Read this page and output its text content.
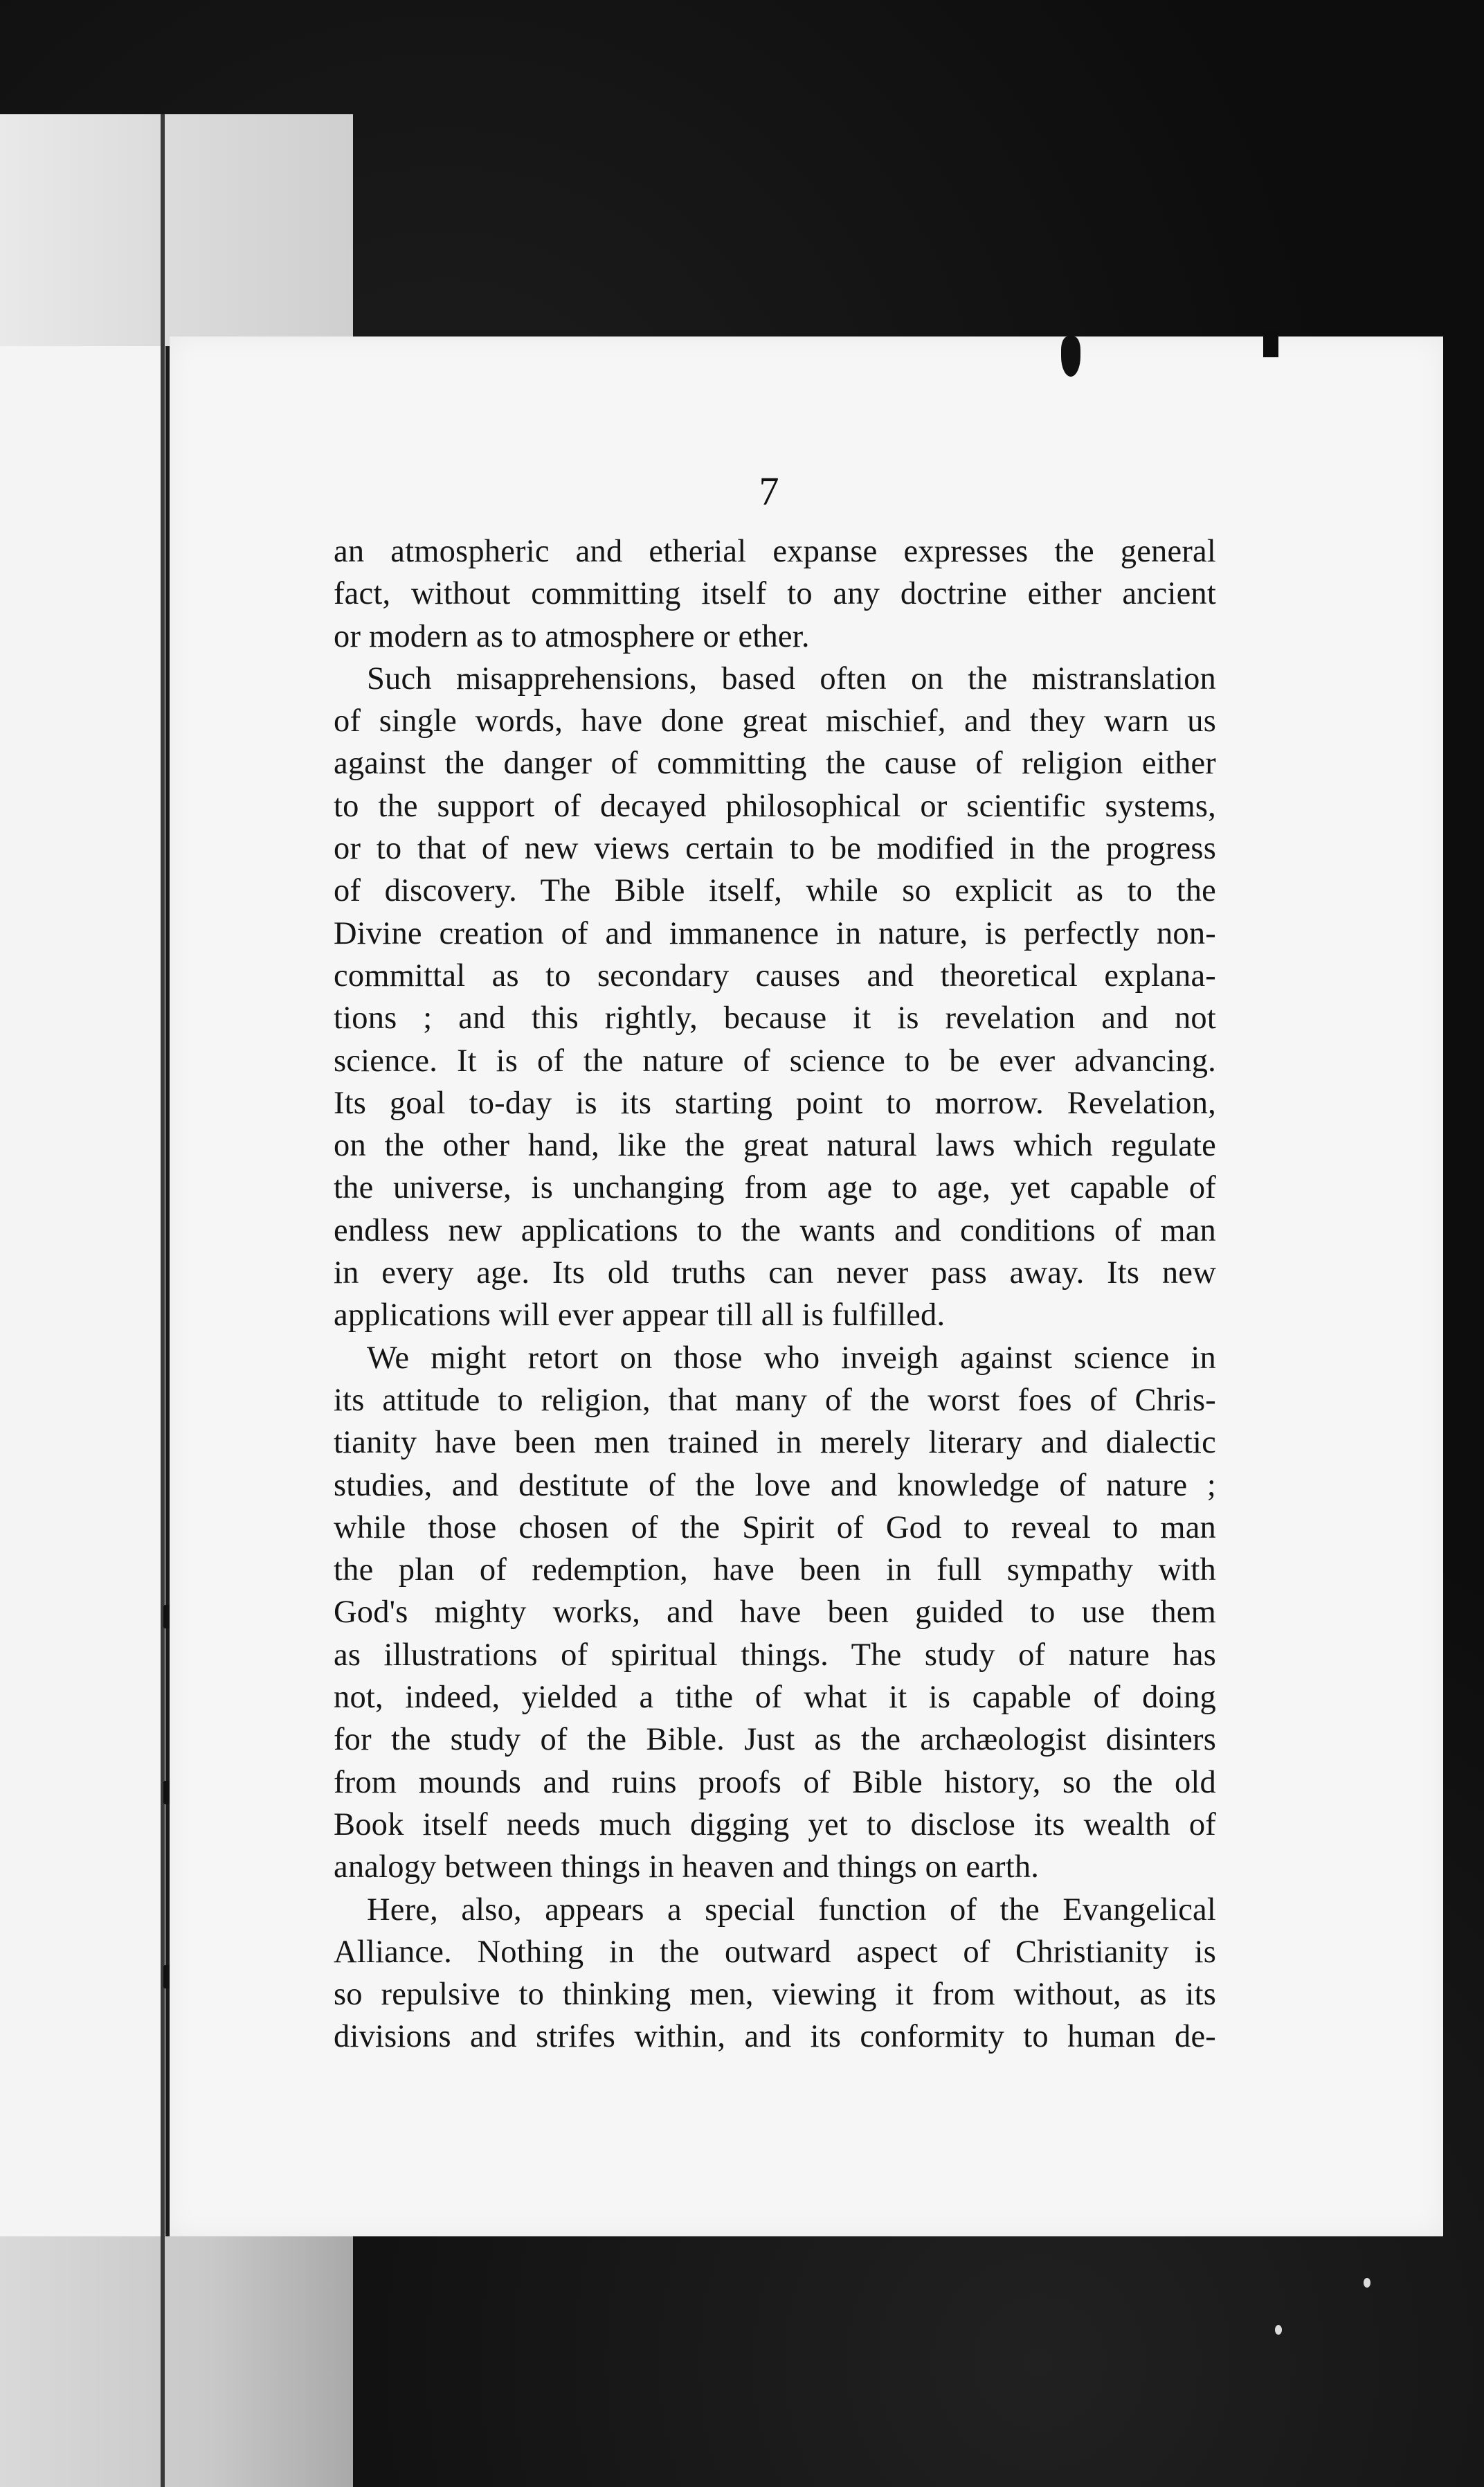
7
an atmospheric and etherial expanse expresses the general
fact, without committing itself to any doctrine either ancient
or modern as to atmosphere or ether.
Such misapprehensions, based often on the mistranslation
of single words, have done great mischief, and they warn us
against the danger of committing the cause of religion either
to the support of decayed philosophical or scientific systems,
or to that of new views certain to be modified in the progress
of discovery. The Bible itself, while so explicit as to the
Divine creation of and immanence in nature, is perfectly non-
committal as to secondary causes and theoretical explana-
tions ; and this rightly, because it is revelation and not
science. It is of the nature of science to be ever advancing.
Its goal to-day is its starting point to morrow. Revelation,
on the other hand, like the great natural laws which regulate
the universe, is unchanging from age to age, yet capable of
endless new applications to the wants and conditions of man
in every age. Its old truths can never pass away. Its new
applications will ever appear till all is fulfilled.
We might retort on those who inveigh against science in
its attitude to religion, that many of the worst foes of Chris-
tianity have been men trained in merely literary and dialectic
studies, and destitute of the love and knowledge of nature ;
while those chosen of the Spirit of God to reveal to man
the plan of redemption, have been in full sympathy with
God's mighty works, and have been guided to use them
as illustrations of spiritual things. The study of nature has
not, indeed, yielded a tithe of what it is capable of doing
for the study of the Bible. Just as the archæologist disinters
from mounds and ruins proofs of Bible history, so the old
Book itself needs much digging yet to disclose its wealth of
analogy between things in heaven and things on earth.
Here, also, appears a special function of the Evangelical
Alliance. Nothing in the outward aspect of Christianity is
so repulsive to thinking men, viewing it from without, as its
divisions and strifes within, and its conformity to human de-
